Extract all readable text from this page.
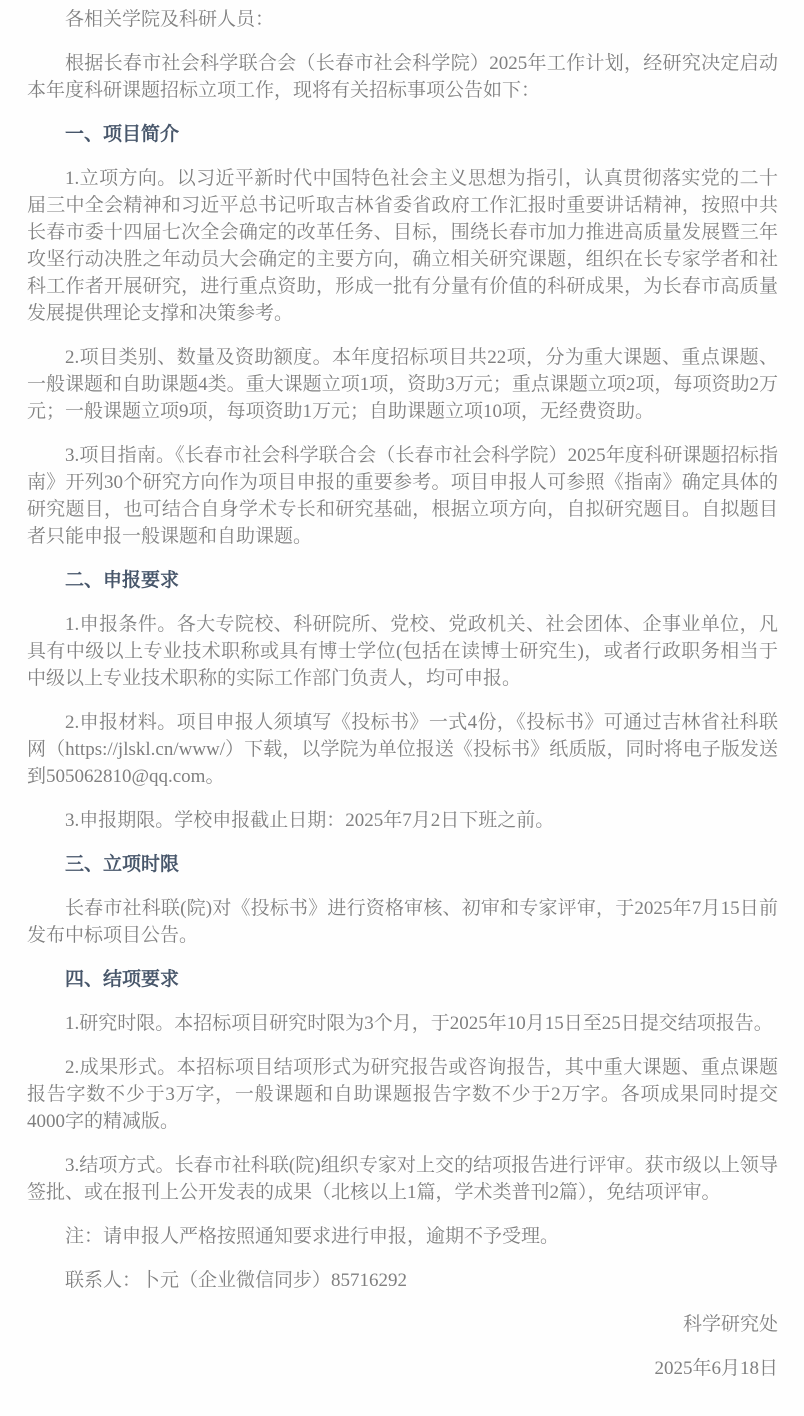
各相关学院及科研人员：

根据长春市社会科学联合会（长春市社会科学院）2025年工作计划，经研究决定启动本年度科研课题招标立项工作，现将有关招标事项公告如下：

一、项目简介

1.立项方向。以习近平新时代中国特色社会主义思想为指引，认真贯彻落实党的二十届三中全会精神和习近平总书记听取吉林省委省政府工作汇报时重要讲话精神，按照中共长春市委十四届七次全会确定的改革任务、目标，围绕长春市加力推进高质量发展暨三年攻坚行动决胜之年动员大会确定的主要方向，确立相关研究课题，组织在长专家学者和社科工作者开展研究，进行重点资助，形成一批有分量有价值的科研成果，为长春市高质量发展提供理论支撑和决策参考。

2.项目类别、数量及资助额度。本年度招标项目共22项，分为重大课题、重点课题、一般课题和自助课题4类。重大课题立项1项，资助3万元；重点课题立项2项，每项资助2万元；一般课题立项9项，每项资助1万元；自助课题立项10项，无经费资助。

3.项目指南。《长春市社会科学联合会（长春市社会科学院）2025年度科研课题招标指南》开列30个研究方向作为项目申报的重要参考。项目申报人可参照《指南》确定具体的研究题目，也可结合自身学术专长和研究基础，根据立项方向，自拟研究题目。自拟题目者只能申报一般课题和自助课题。

二、申报要求

1.申报条件。各大专院校、科研院所、党校、党政机关、社会团体、企事业单位，凡具有中级以上专业技术职称或具有博士学位(包括在读博士研究生)，或者行政职务相当于中级以上专业技术职称的实际工作部门负责人，均可申报。

2.申报材料。项目申报人须填写《投标书》一式4份，《投标书》可通过吉林省社科联网（https://jlskl.cn/www/）下载，以学院为单位报送《投标书》纸质版，同时将电子版发送到505062810@qq.com。

3.申报期限。学校申报截止日期：2025年7月2日下班之前。

三、立项时限

长春市社科联(院)对《投标书》进行资格审核、初审和专家评审，于2025年7月15日前发布中标项目公告。

四、结项要求

1.研究时限。本招标项目研究时限为3个月，于2025年10月15日至25日提交结项报告。

2.成果形式。本招标项目结项形式为研究报告或咨询报告，其中重大课题、重点课题报告字数不少于3万字，一般课题和自助课题报告字数不少于2万字。各项成果同时提交4000字的精减版。

3.结项方式。长春市社科联(院)组织专家对上交的结项报告进行评审。获市级以上领导签批、或在报刊上公开发表的成果（北核以上1篇，学术类普刊2篇），免结项评审。

注：请申报人严格按照通知要求进行申报，逾期不予受理。

联系人：卜元（企业微信同步）85716292

科学研究处

2025年6月18日
